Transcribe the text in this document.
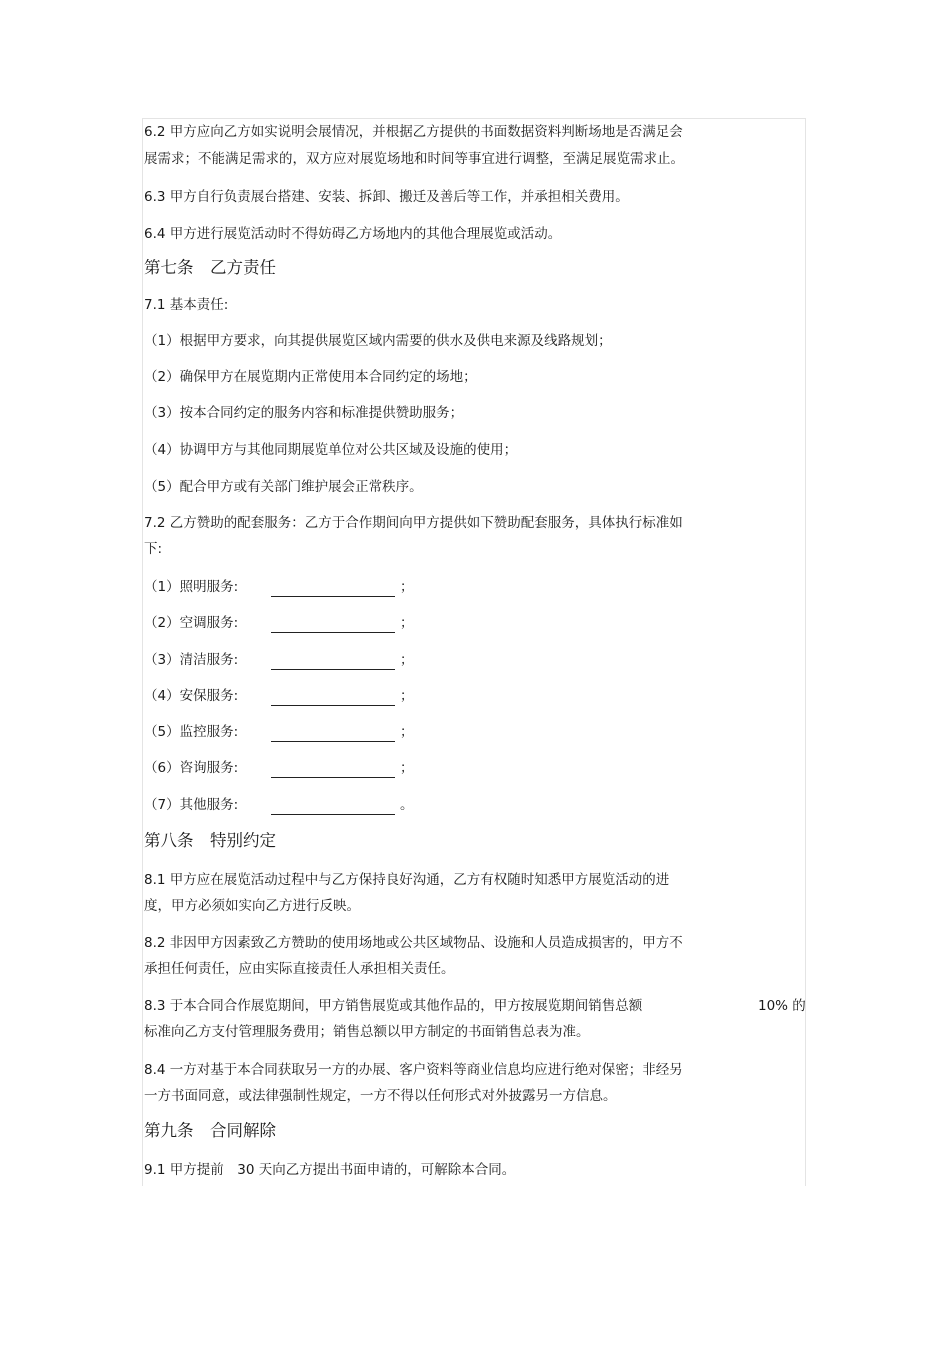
6.2 甲方应向乙方如实说明会展情况，并根据乙方提供的书面数据资料判断场地是否满足会
展需求；不能满足需求的，双方应对展览场地和时间等事宜进行调整，至满足展览需求止。
6.3 甲方自行负责展台搭建、安装、拆卸、搬迁及善后等工作，并承担相关费用。
6.4 甲方进行展览活动时不得妨碍乙方场地内的其他合理展览或活动。
第七条　乙方责任
7.1 基本责任:
（1）根据甲方要求，向其提供展览区域内需要的供水及供电来源及线路规划；
（2）确保甲方在展览期内正常使用本合同约定的场地；
（3）按本合同约定的服务内容和标准提供赞助服务；
（4）协调甲方与其他同期展览单位对公共区域及设施的使用；
（5）配合甲方或有关部门维护展会正常秩序。
7.2 乙方赞助的配套服务：乙方于合作期间向甲方提供如下赞助配套服务，具体执行标准如
下:
（1）照明服务:	；
（2）空调服务:	；
（3）清洁服务:	；
（4）安保服务:	；
（5）监控服务:	；
（6）咨询服务:	；
（7）其他服务:	。
第八条　特别约定
8.1 甲方应在展览活动过程中与乙方保持良好沟通，乙方有权随时知悉甲方展览活动的进
度，甲方必须如实向乙方进行反映。
8.2 非因甲方因素致乙方赞助的使用场地或公共区域物品、设施和人员造成损害的，甲方不
承担任何责任，应由实际直接责任人承担相关责任。
8.3 于本合同合作展览期间，甲方销售展览或其他作品的，甲方按展览期间销售总额	10% 的
标准向乙方支付管理服务费用；销售总额以甲方制定的书面销售总表为准。
8.4 一方对基于本合同获取另一方的办展、客户资料等商业信息均应进行绝对保密；非经另
一方书面同意，或法律强制性规定，一方不得以任何形式对外披露另一方信息。
第九条　合同解除
9.1 甲方提前　30 天向乙方提出书面申请的，可解除本合同。
